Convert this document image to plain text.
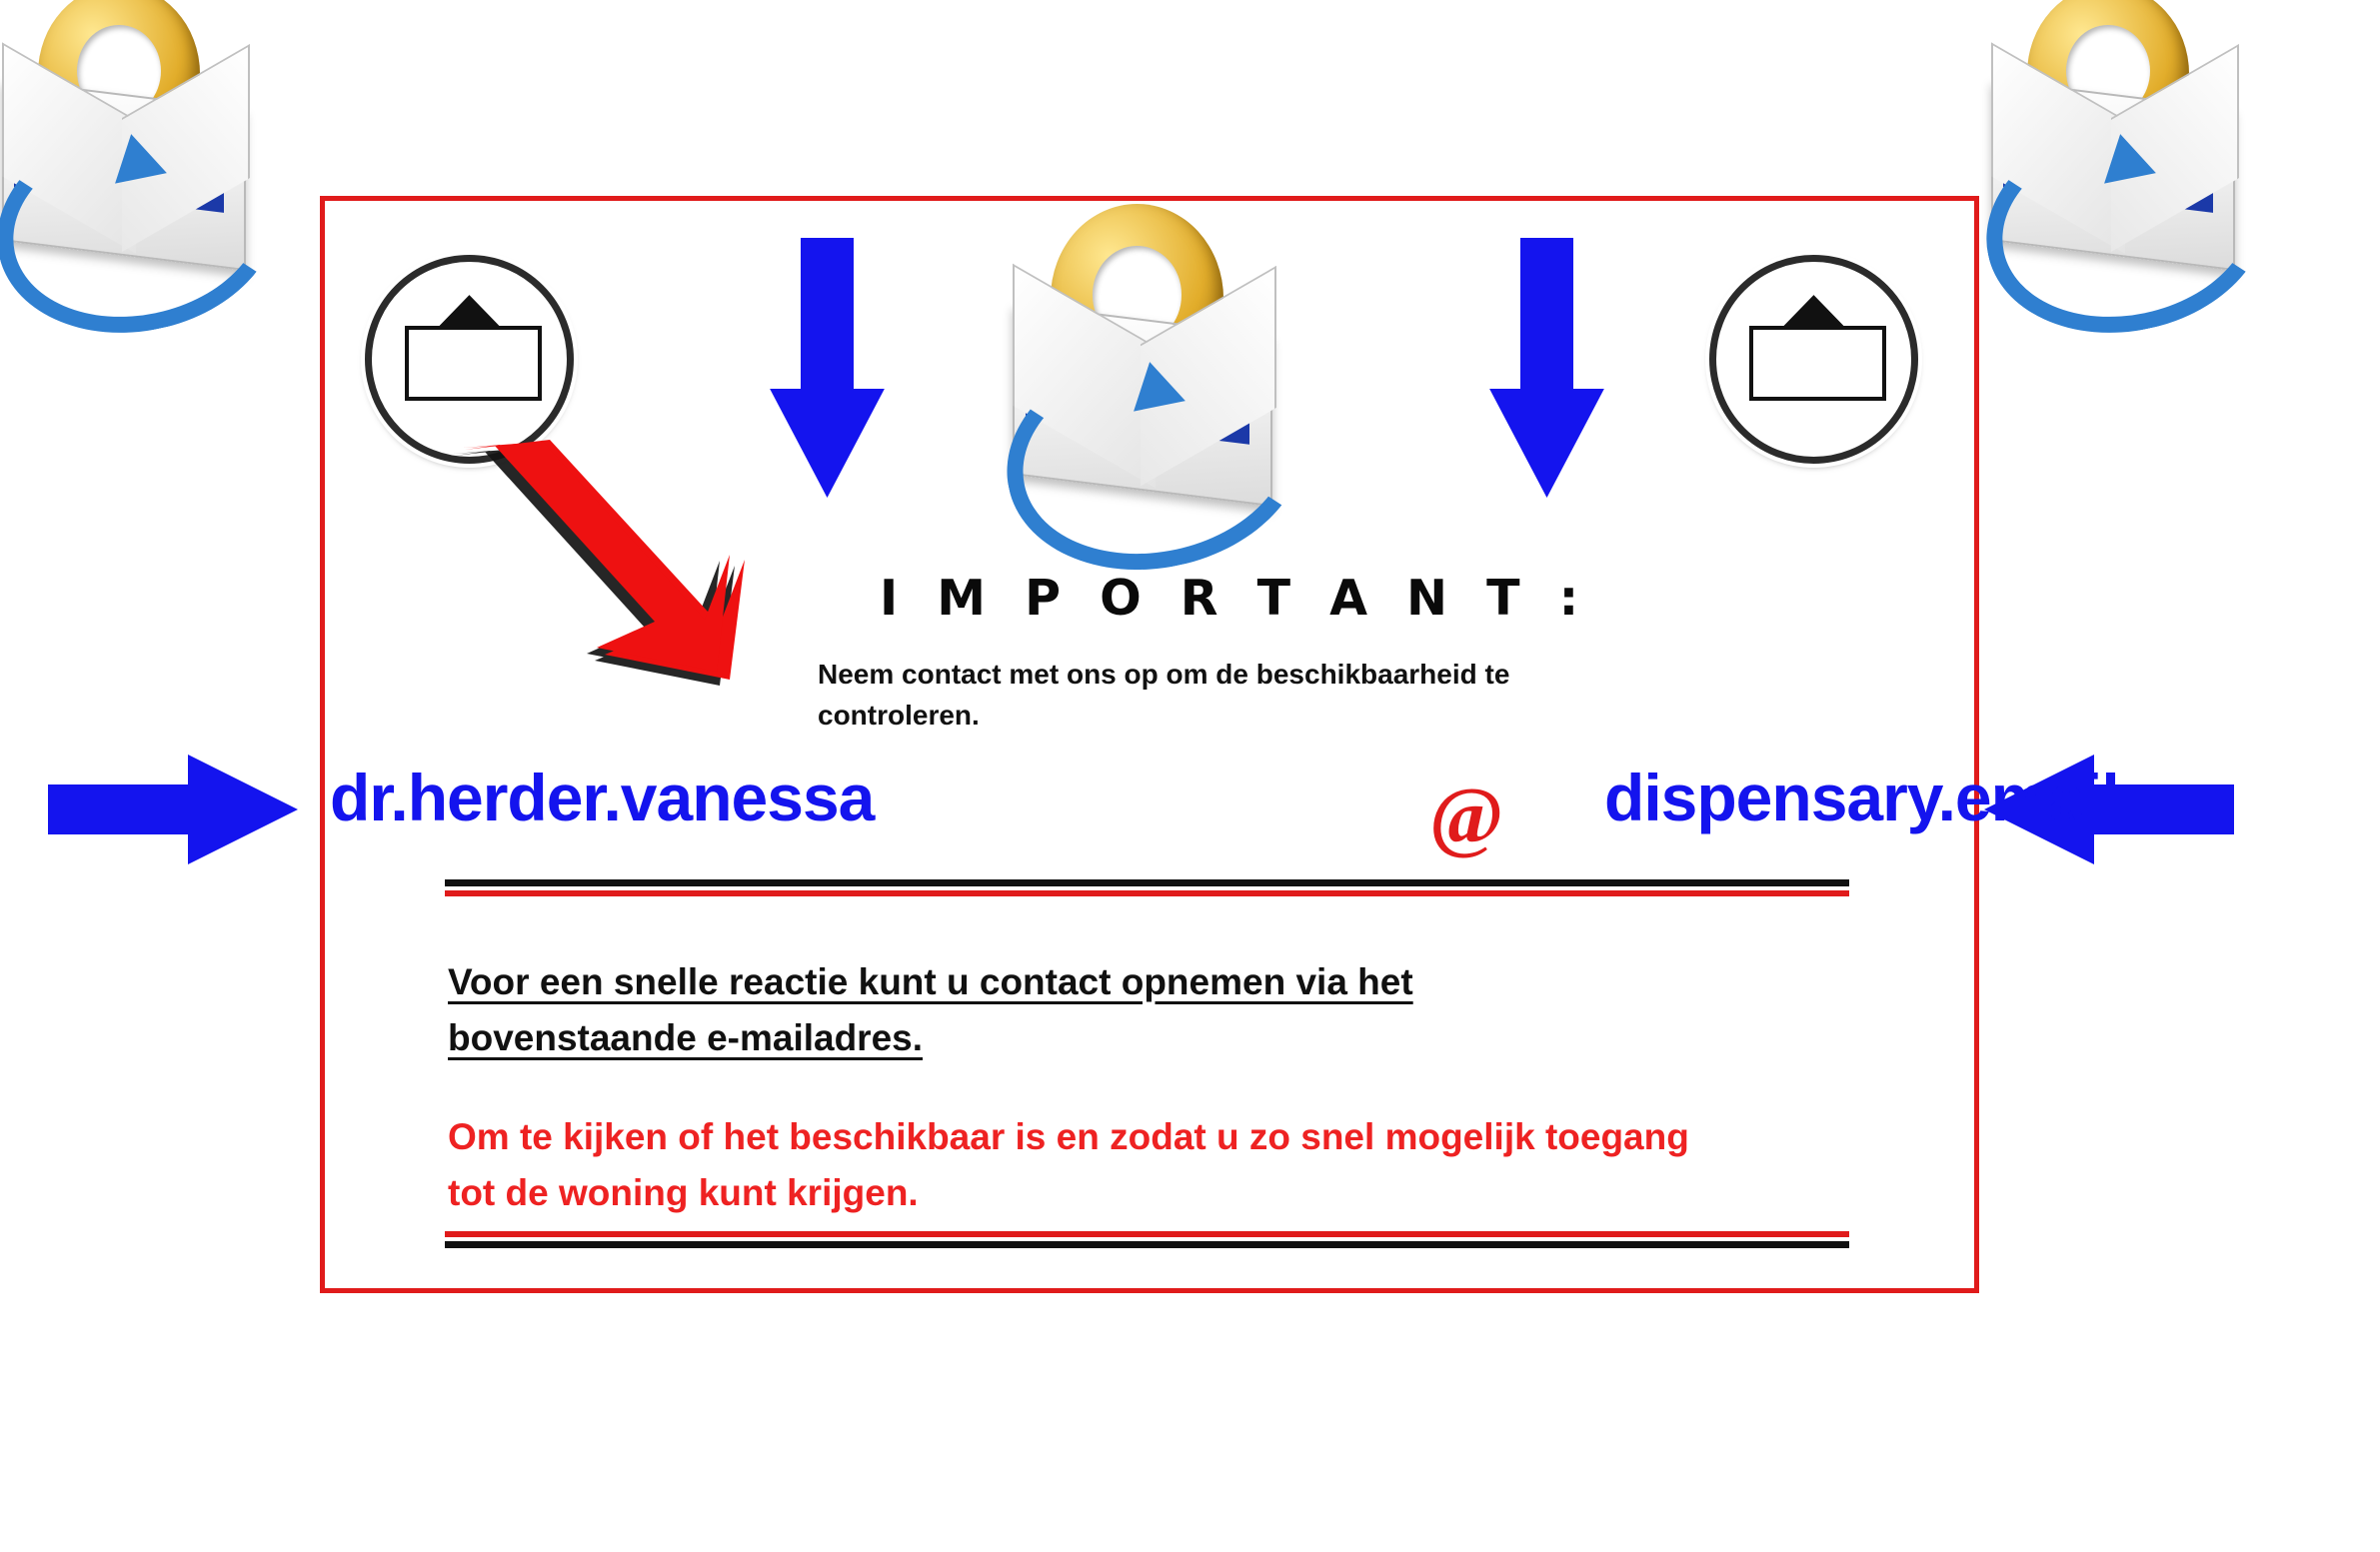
I M P O R T A N T :
Neem contact met ons op om de beschikbaarheid te controleren.
dr.herder.vanessa	@ dispensary.email
Voor een snelle reactie kunt u contact opnemen via het bovenstaande e-mailadres.
Om te kijken of het beschikbaar is en zodat u zo snel mogelijk toegang tot de woning kunt krijgen.
